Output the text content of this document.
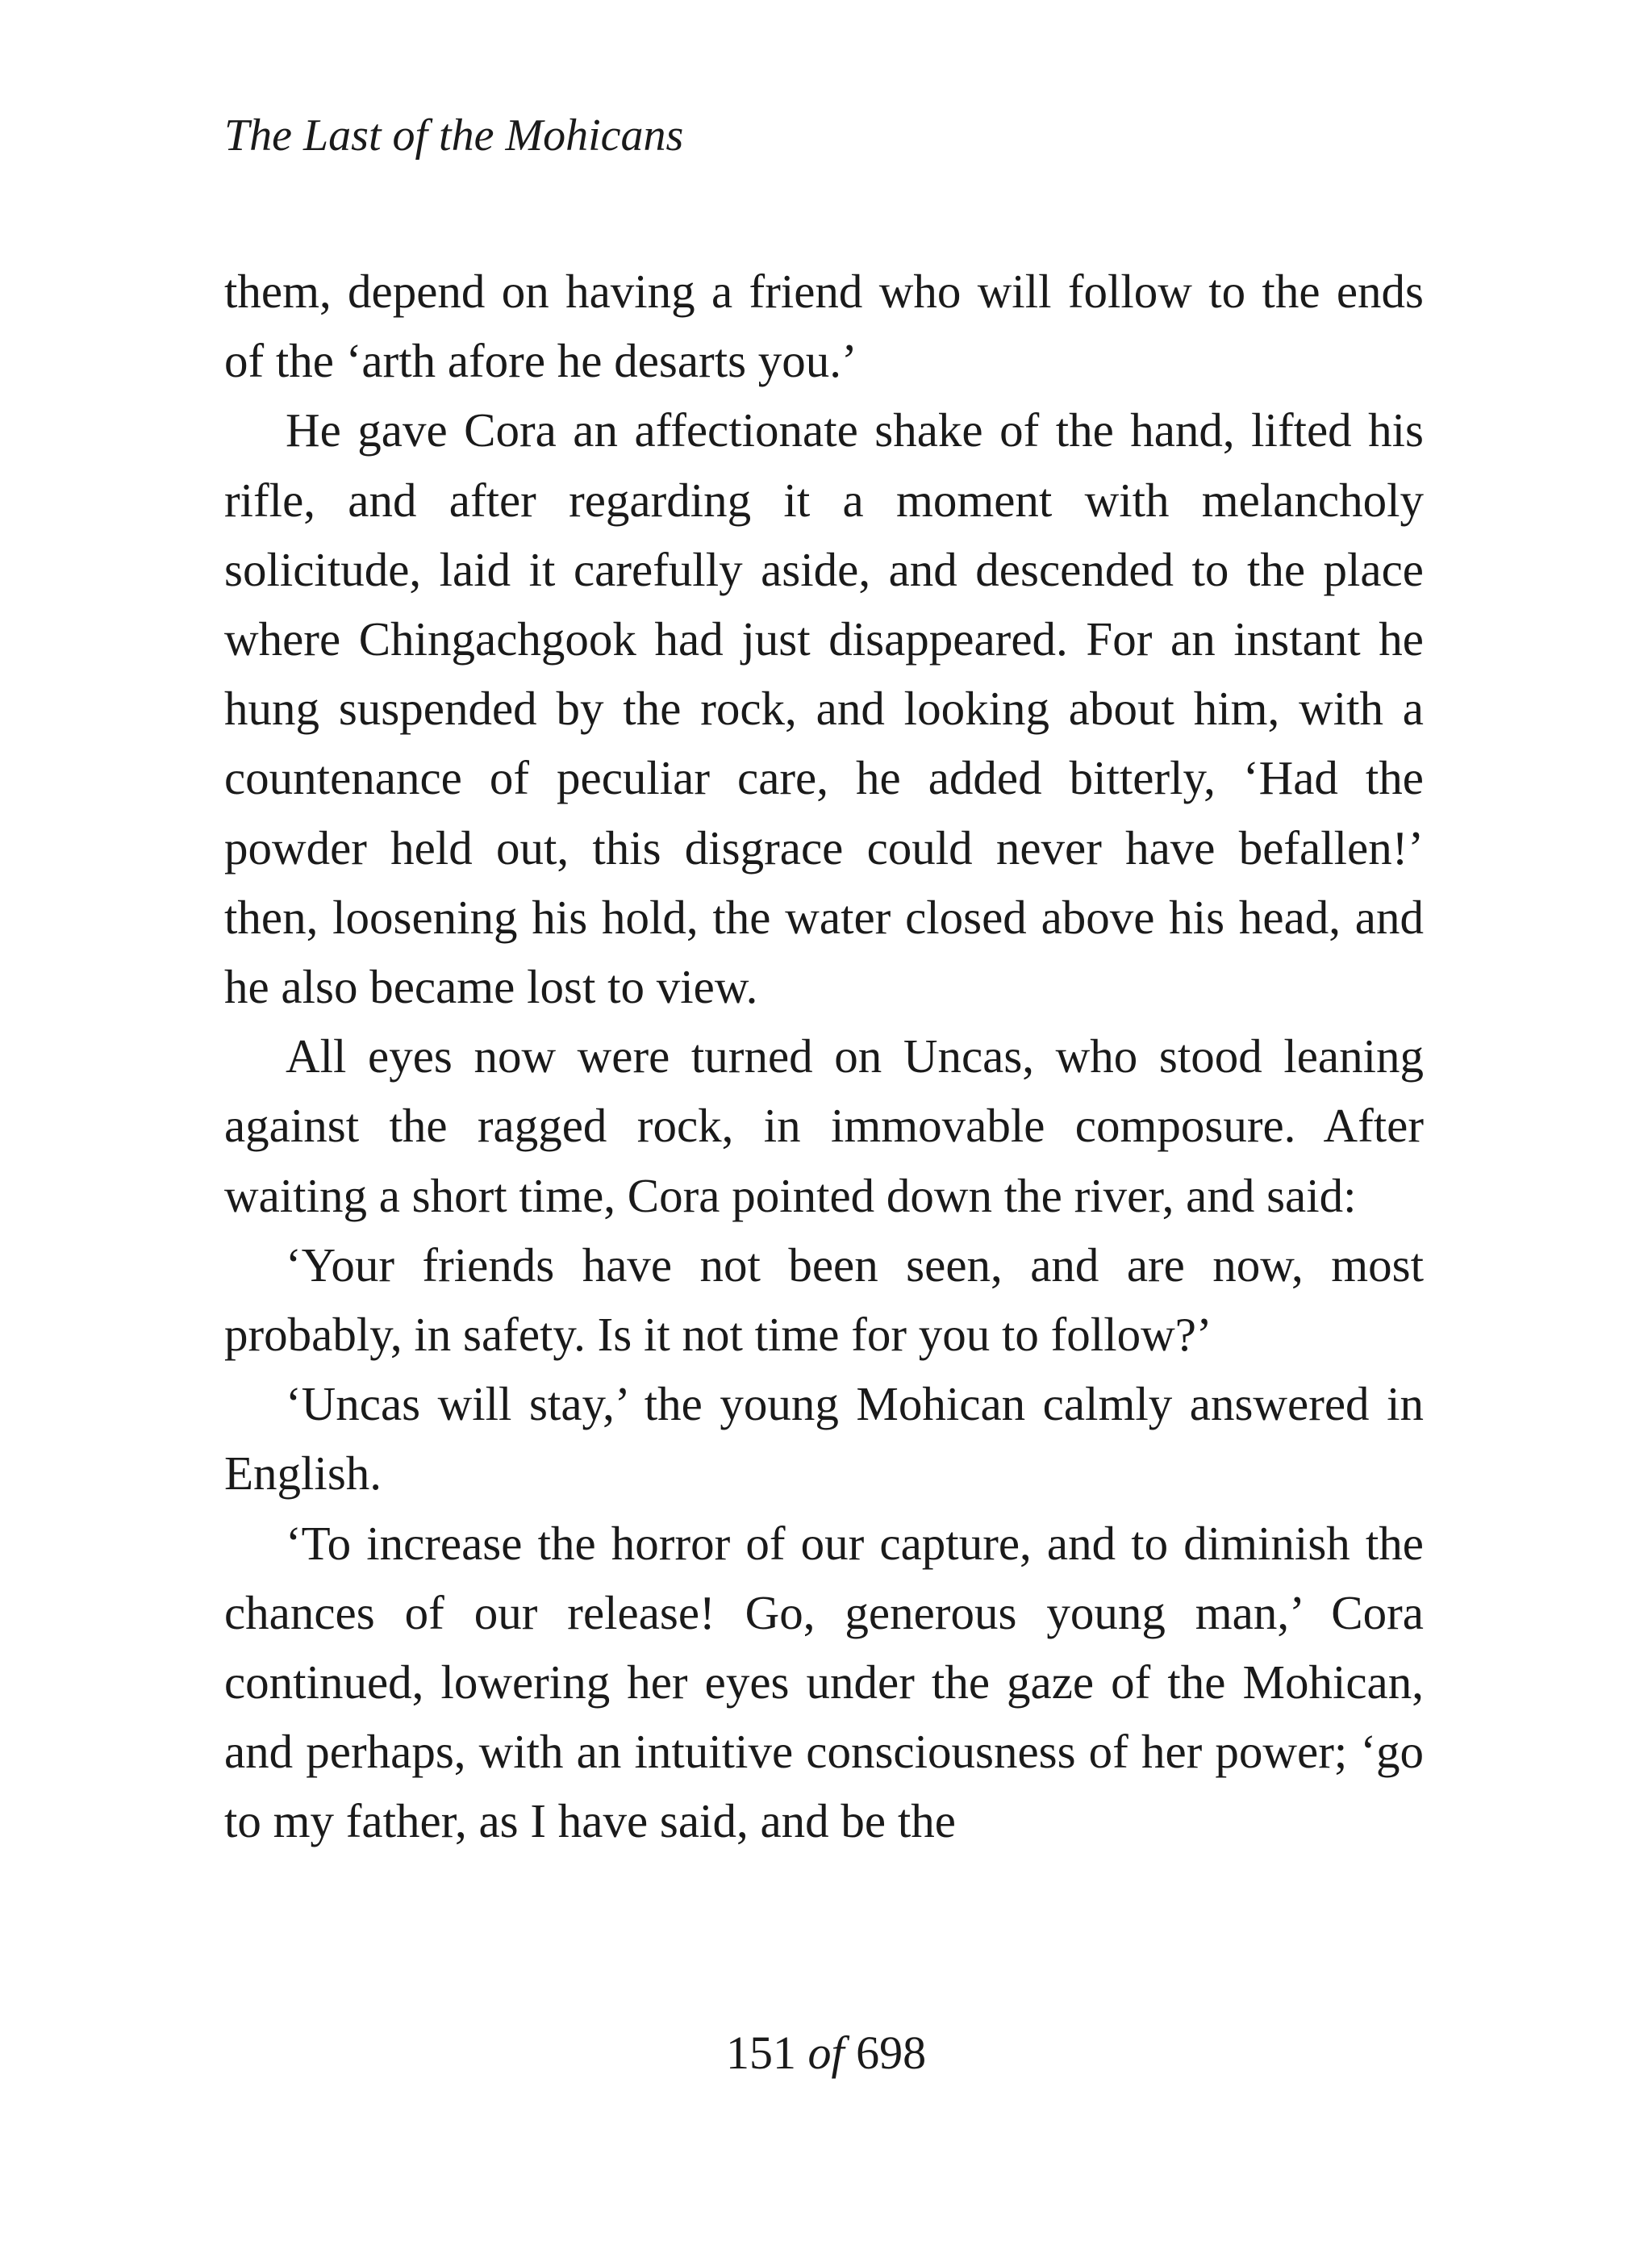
The Last of the Mohicans

them, depend on having a friend who will follow to the ends of the ‘arth afore he desarts you.’

He gave Cora an affectionate shake of the hand, lifted his rifle, and after regarding it a moment with melancholy solicitude, laid it carefully aside, and descended to the place where Chingachgook had just disappeared. For an instant he hung suspended by the rock, and looking about him, with a countenance of peculiar care, he added bitterly, ‘Had the powder held out, this disgrace could never have befallen!’ then, loosening his hold, the water closed above his head, and he also became lost to view.

All eyes now were turned on Uncas, who stood leaning against the ragged rock, in immovable composure. After waiting a short time, Cora pointed down the river, and said:

‘Your friends have not been seen, and are now, most probably, in safety. Is it not time for you to follow?’

‘Uncas will stay,’ the young Mohican calmly answered in English.

‘To increase the horror of our capture, and to diminish the chances of our release! Go, generous young man,’ Cora continued, lowering her eyes under the gaze of the Mohican, and perhaps, with an intuitive consciousness of her power; ‘go to my father, as I have said, and be the

151 of 698
